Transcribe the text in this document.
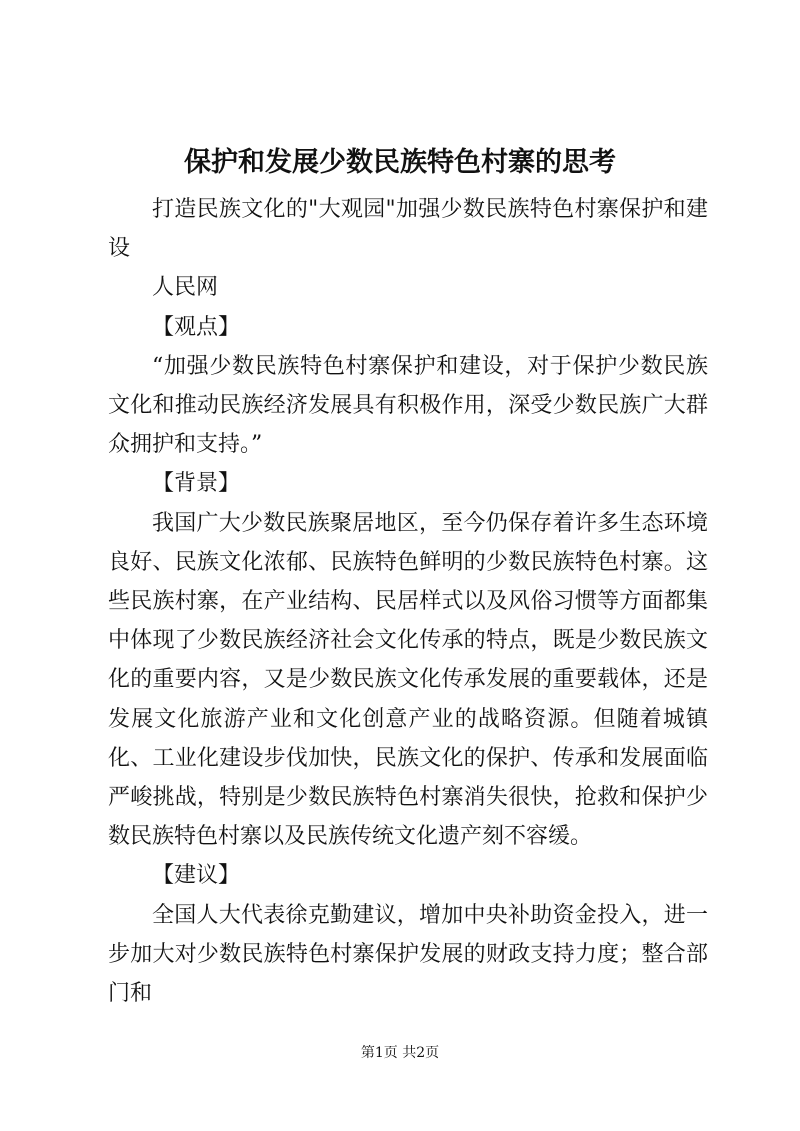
保护和发展少数民族特色村寨的思考

打造民族文化的"大观园"加强少数民族特色村寨保护和建设

人民网

【观点】

“加强少数民族特色村寨保护和建设，对于保护少数民族文化和推动民族经济发展具有积极作用，深受少数民族广大群众拥护和支持。”

【背景】

我国广大少数民族聚居地区，至今仍保存着许多生态环境良好、民族文化浓郁、民族特色鲜明的少数民族特色村寨。这些民族村寨，在产业结构、民居样式以及风俗习惯等方面都集中体现了少数民族经济社会文化传承的特点，既是少数民族文化的重要内容，又是少数民族文化传承发展的重要载体，还是发展文化旅游产业和文化创意产业的战略资源。但随着城镇化、工业化建设步伐加快，民族文化的保护、传承和发展面临严峻挑战，特别是少数民族特色村寨消失很快，抢救和保护少数民族特色村寨以及民族传统文化遗产刻不容缓。

【建议】

全国人大代表徐克勤建议，增加中央补助资金投入，进一步加大对少数民族特色村寨保护发展的财政支持力度；整合部门和

第1页 共2页
